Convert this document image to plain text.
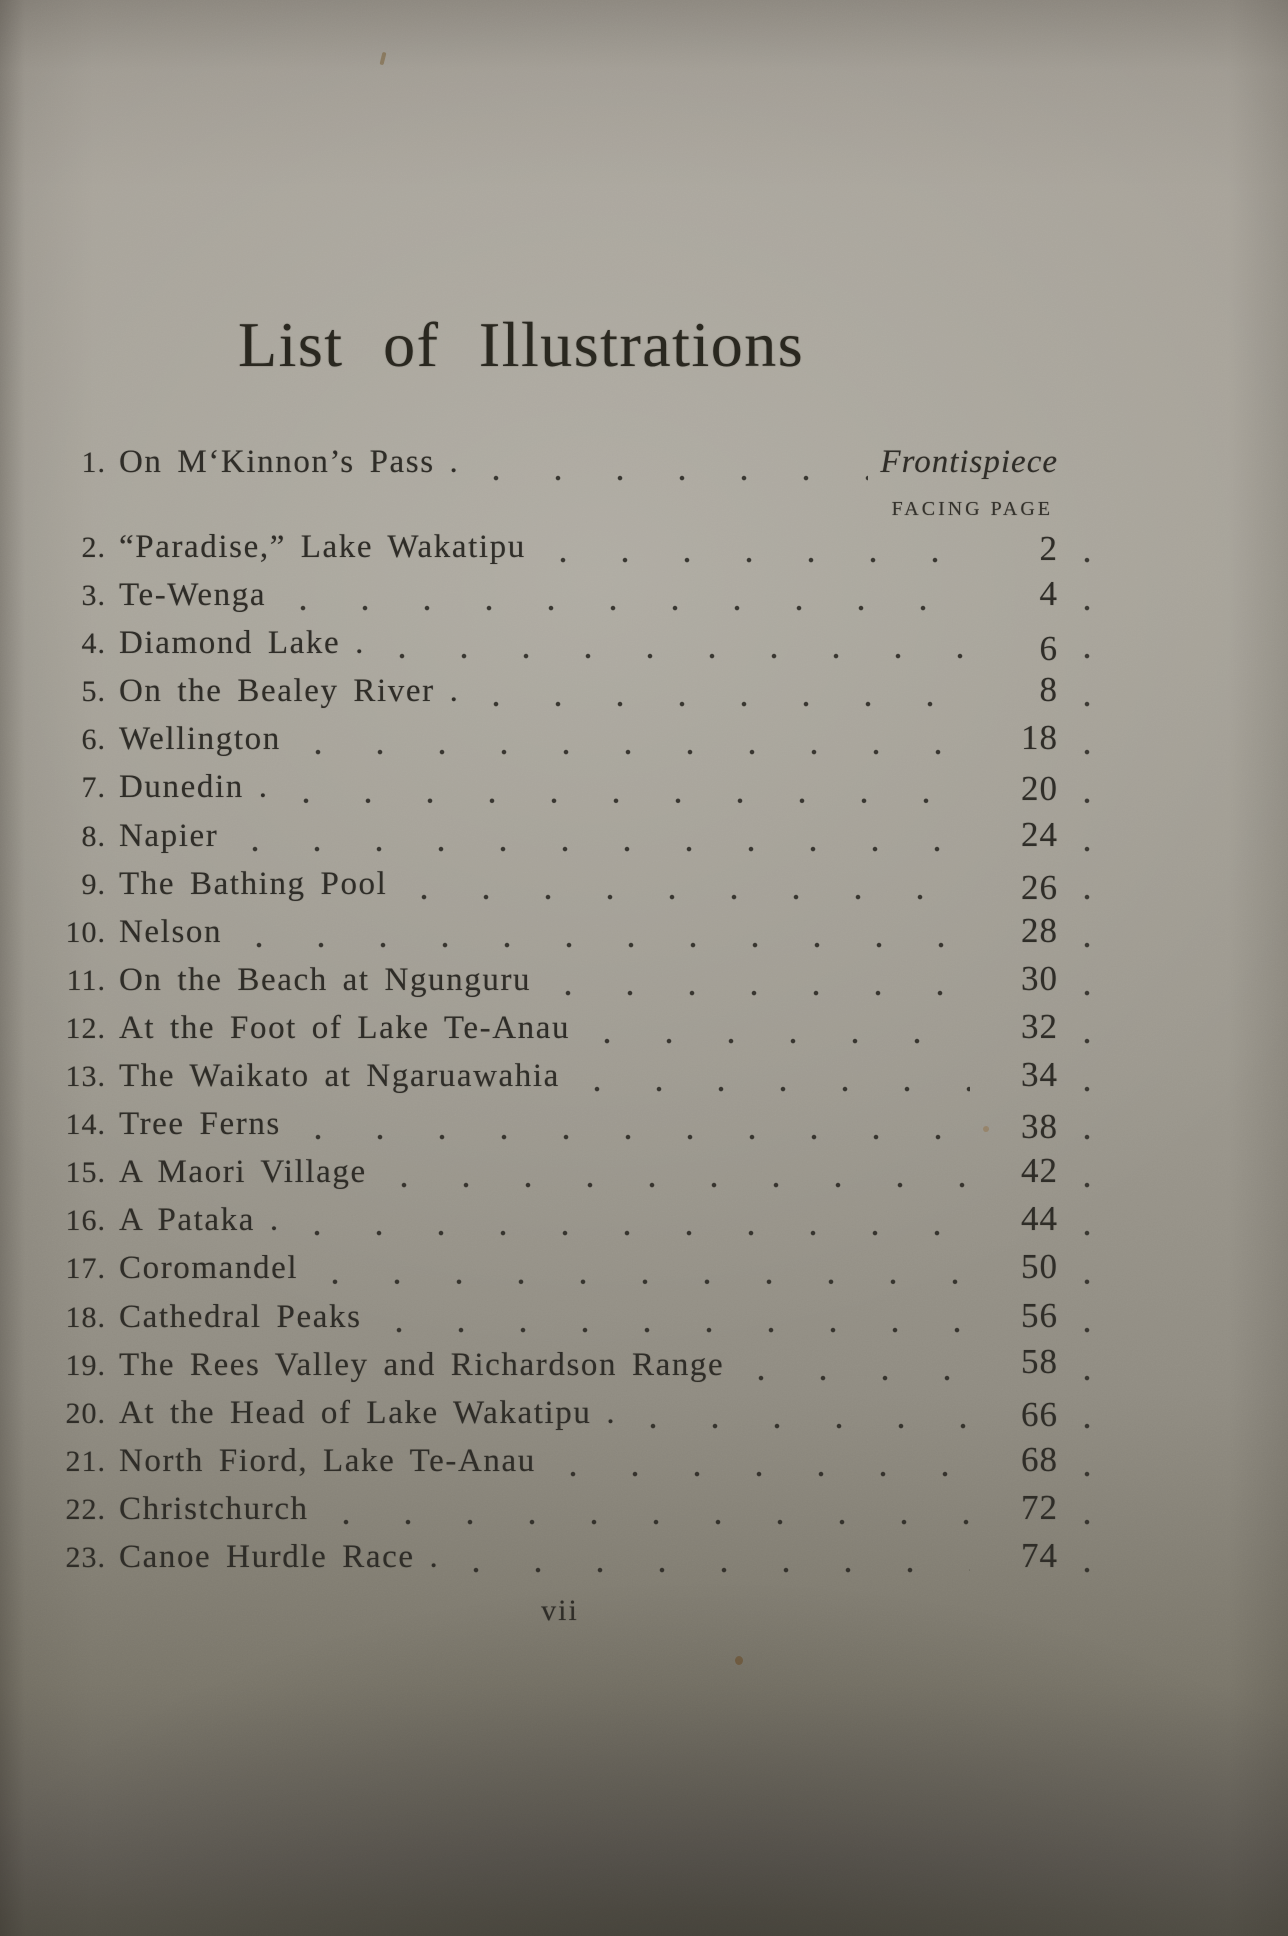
List of Illustrations
1. On M‘Kinnon’s Pass .	Frontispiece
FACING PAGE
2. “Paradise,” Lake Wakatipu	2
3. Te-Wenga	4
4. Diamond Lake .	6
5. On the Bealey River .	8
6. Wellington	18
7. Dunedin .	20
8. Napier	24
9. The Bathing Pool	26
10. Nelson	28
11. On the Beach at Ngunguru	30
12. At the Foot of Lake Te-Anau	32
13. The Waikato at Ngaruawahia	34
14. Tree Ferns	38
15. A Maori Village	42
16. A Pataka .	44
17. Coromandel	50
18. Cathedral Peaks	56
19. The Rees Valley and Richardson Range	58
20. At the Head of Lake Wakatipu .	66
21. North Fiord, Lake Te-Anau	68
22. Christchurch	72
23. Canoe Hurdle Race .	74
vii
